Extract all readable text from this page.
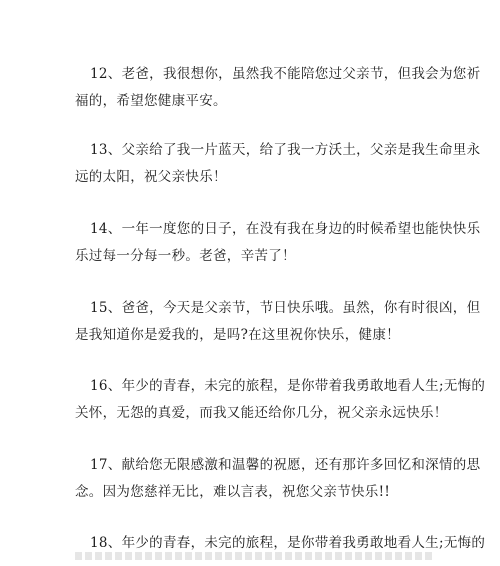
12、老爸，我很想你，虽然我不能陪您过父亲节，但我会为您祈
福的，希望您健康平安。

13、父亲给了我一片蓝天，给了我一方沃土，父亲是我生命里永
远的太阳，祝父亲快乐！

14、一年一度您的日子，在没有我在身边的时候希望也能快快乐
乐过每一分每一秒。老爸，辛苦了！

15、爸爸，今天是父亲节，节日快乐哦。虽然，你有时很凶，但
是我知道你是爱我的，是吗?在这里祝你快乐，健康！

16、年少的青春，未完的旅程，是你带着我勇敢地看人生;无悔的
关怀，无怨的真爱，而我又能还给你几分，祝父亲永远快乐！

17、献给您无限感激和温馨的祝愿，还有那许多回忆和深情的思
念。因为您慈祥无比，难以言表，祝您父亲节快乐!!

18、年少的青春，未完的旅程，是你带着我勇敢地看人生;无悔的
